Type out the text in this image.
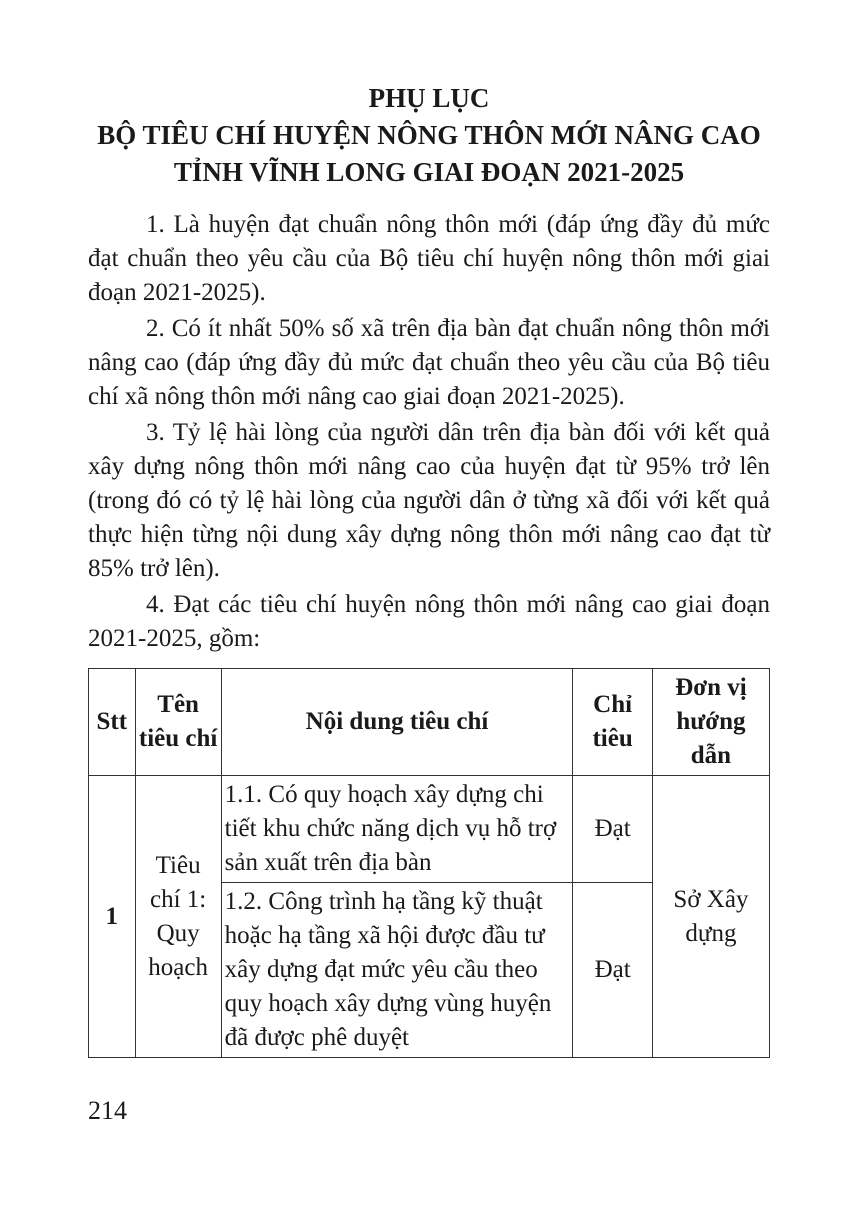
PHỤ LỤC
BỘ TIÊU CHÍ HUYỆN NÔNG THÔN MỚI NÂNG CAO
TỈNH VĨNH LONG GIAI ĐOẠN 2021-2025

1. Là huyện đạt chuẩn nông thôn mới (đáp ứng đầy đủ mức đạt chuẩn theo yêu cầu của Bộ tiêu chí huyện nông thôn mới giai đoạn 2021-2025).

2. Có ít nhất 50% số xã trên địa bàn đạt chuẩn nông thôn mới nâng cao (đáp ứng đầy đủ mức đạt chuẩn theo yêu cầu của Bộ tiêu chí xã nông thôn mới nâng cao giai đoạn 2021-2025).

3. Tỷ lệ hài lòng của người dân trên địa bàn đối với kết quả xây dựng nông thôn mới nâng cao của huyện đạt từ 95% trở lên (trong đó có tỷ lệ hài lòng của người dân ở từng xã đối với kết quả thực hiện từng nội dung xây dựng nông thôn mới nâng cao đạt từ 85% trở lên).

4. Đạt các tiêu chí huyện nông thôn mới nâng cao giai đoạn 2021-2025, gồm:

Stt	Tên tiêu chí	Nội dung tiêu chí	Chỉ tiêu	Đơn vị hướng dẫn
1	Tiêu chí 1: Quy hoạch	1.1. Có quy hoạch xây dựng chi tiết khu chức năng dịch vụ hỗ trợ sản xuất trên địa bàn	Đạt	Sở Xây dựng
		1.2. Công trình hạ tầng kỹ thuật hoặc hạ tầng xã hội được đầu tư xây dựng đạt mức yêu cầu theo quy hoạch xây dựng vùng huyện đã được phê duyệt	Đạt	
214
